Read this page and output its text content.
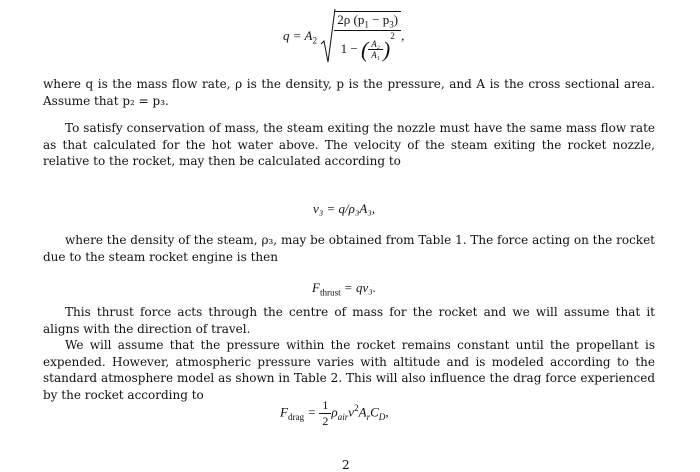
$q = A_2 \frac{2\rho (p_1 - p_3)}{1 - ( \frac{\text{A₂}}{\text{A₁}} )^2}$ ,

where q is the mass flow rate, ρ is the density, p is the pressure, and A is the cross sectional area. Assume that p₂ = p₃.

To satisfy conservation of mass, the steam exiting the nozzle must have the same mass flow rate as that calculated for the hot water above. The velocity of the steam exiting the rocket nozzle, relative to the rocket, may then be calculated according to

v₃ = q/ρ₃A₃,

where the density of the steam, ρ₃, may be obtained from Table 1. The force acting on the rocket due to the steam rocket engine is then

$F_{thrust} = qv_3$.

This thrust force acts through the centre of mass for the rocket and we will assume that it aligns with the direction of travel.

We will assume that the pressure within the rocket remains constant until the propellant is expended. However, atmospheric pressure varies with altitude and is modeled according to the standard atmosphere model as shown in Table 2. This will also influence the drag force experienced by the rocket according to

$F_{drag} = \frac{1}{2} \rho_{air}v^2A_rC_D$,
2
